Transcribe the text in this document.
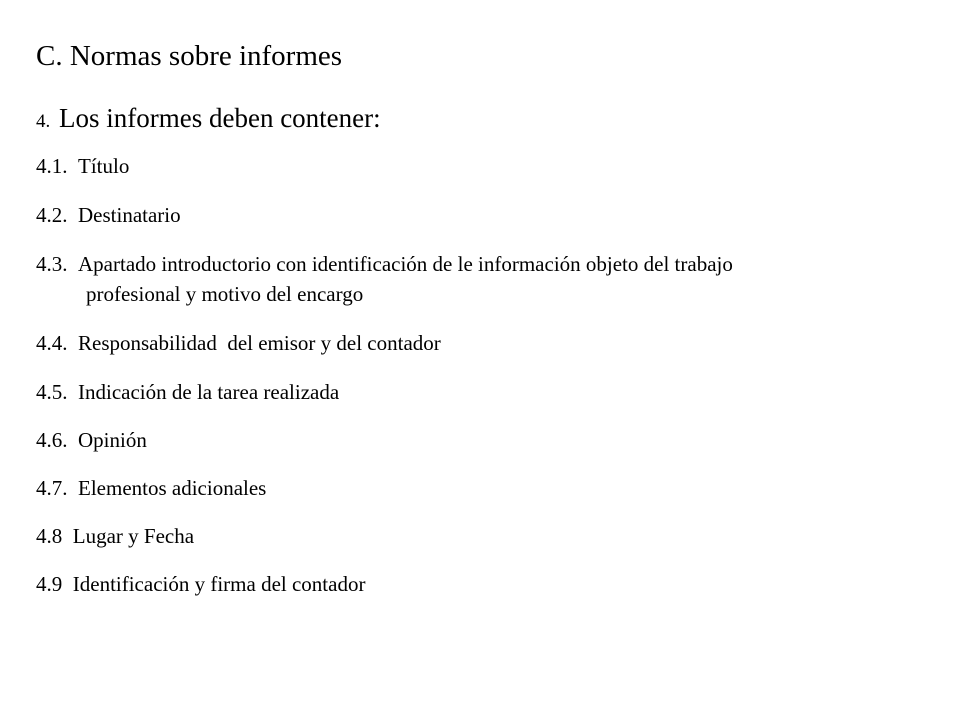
C. Normas sobre informes
4.  Los informes deben contener:
4.1.  Título
4.2.  Destinatario
4.3.  Apartado introductorio con identificación de le información objeto del trabajo
profesional y motivo del encargo
4.4.  Responsabilidad  del emisor y del contador
4.5.  Indicación de la tarea realizada
4.6.  Opinión
4.7.  Elementos adicionales
4.8  Lugar y Fecha
4.9  Identificación y firma del contador
